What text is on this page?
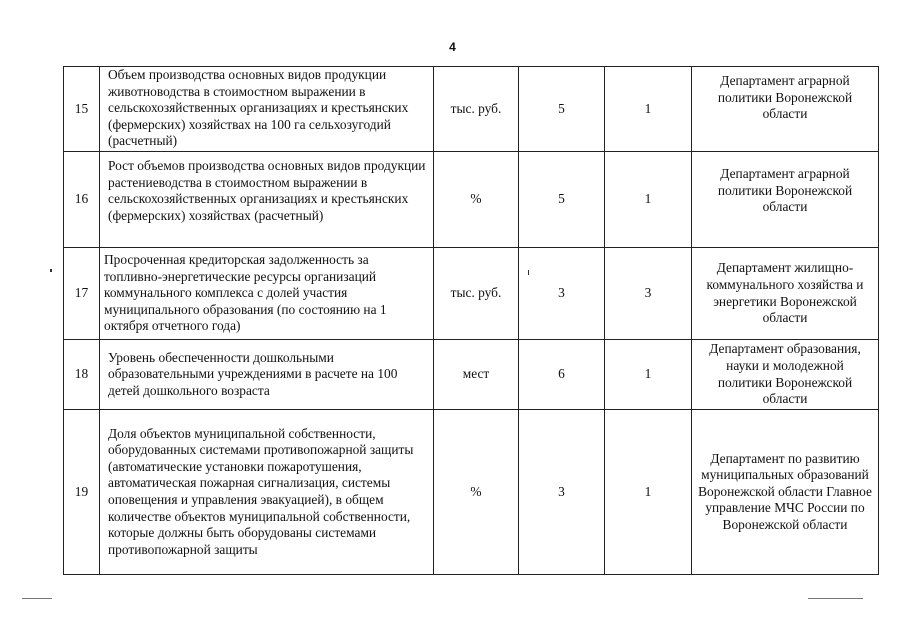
4
15	Объем производства основных видов продукции животноводства в стоимостном выражении в сельскохозяйственных организациях и крестьянских (фермерских) хозяйствах на 100 га сельхозугодий (расчетный)	тыс. руб.	5	1	Департамент аграрной политики Воронежской области
16	Рост объемов производства основных видов продукции растениеводства в стоимостном выражении в сельскохозяйственных организациях и крестьянских (фермерских) хозяйствах (расчетный)	%	5	1	Департамент аграрной политики Воронежской области
17	Просроченная кредиторская задолженность за топливно-энергетические ресурсы организаций коммунального комплекса с долей участия муниципального образования (по состоянию на 1 октября отчетного года)	тыс. руб.	3	3	Департамент жилищно-коммунального хозяйства и энергетики Воронежской области
18	Уровень обеспеченности дошкольными образовательными учреждениями в расчете на 100 детей дошкольного возраста	мест	6	1	Департамент образования, науки и молодежной политики Воронежской области
19	Доля объектов муниципальной собственности, оборудованных системами противопожарной защиты (автоматические установки пожаротушения, автоматическая пожарная сигнализация, системы оповещения и управления эвакуацией), в общем количестве объектов муниципальной собственности, которые должны быть оборудованы системами противопожарной защиты	%	3	1	Департамент по развитию муниципальных образований Воронежской области Главное управление МЧС России по Воронежской области
